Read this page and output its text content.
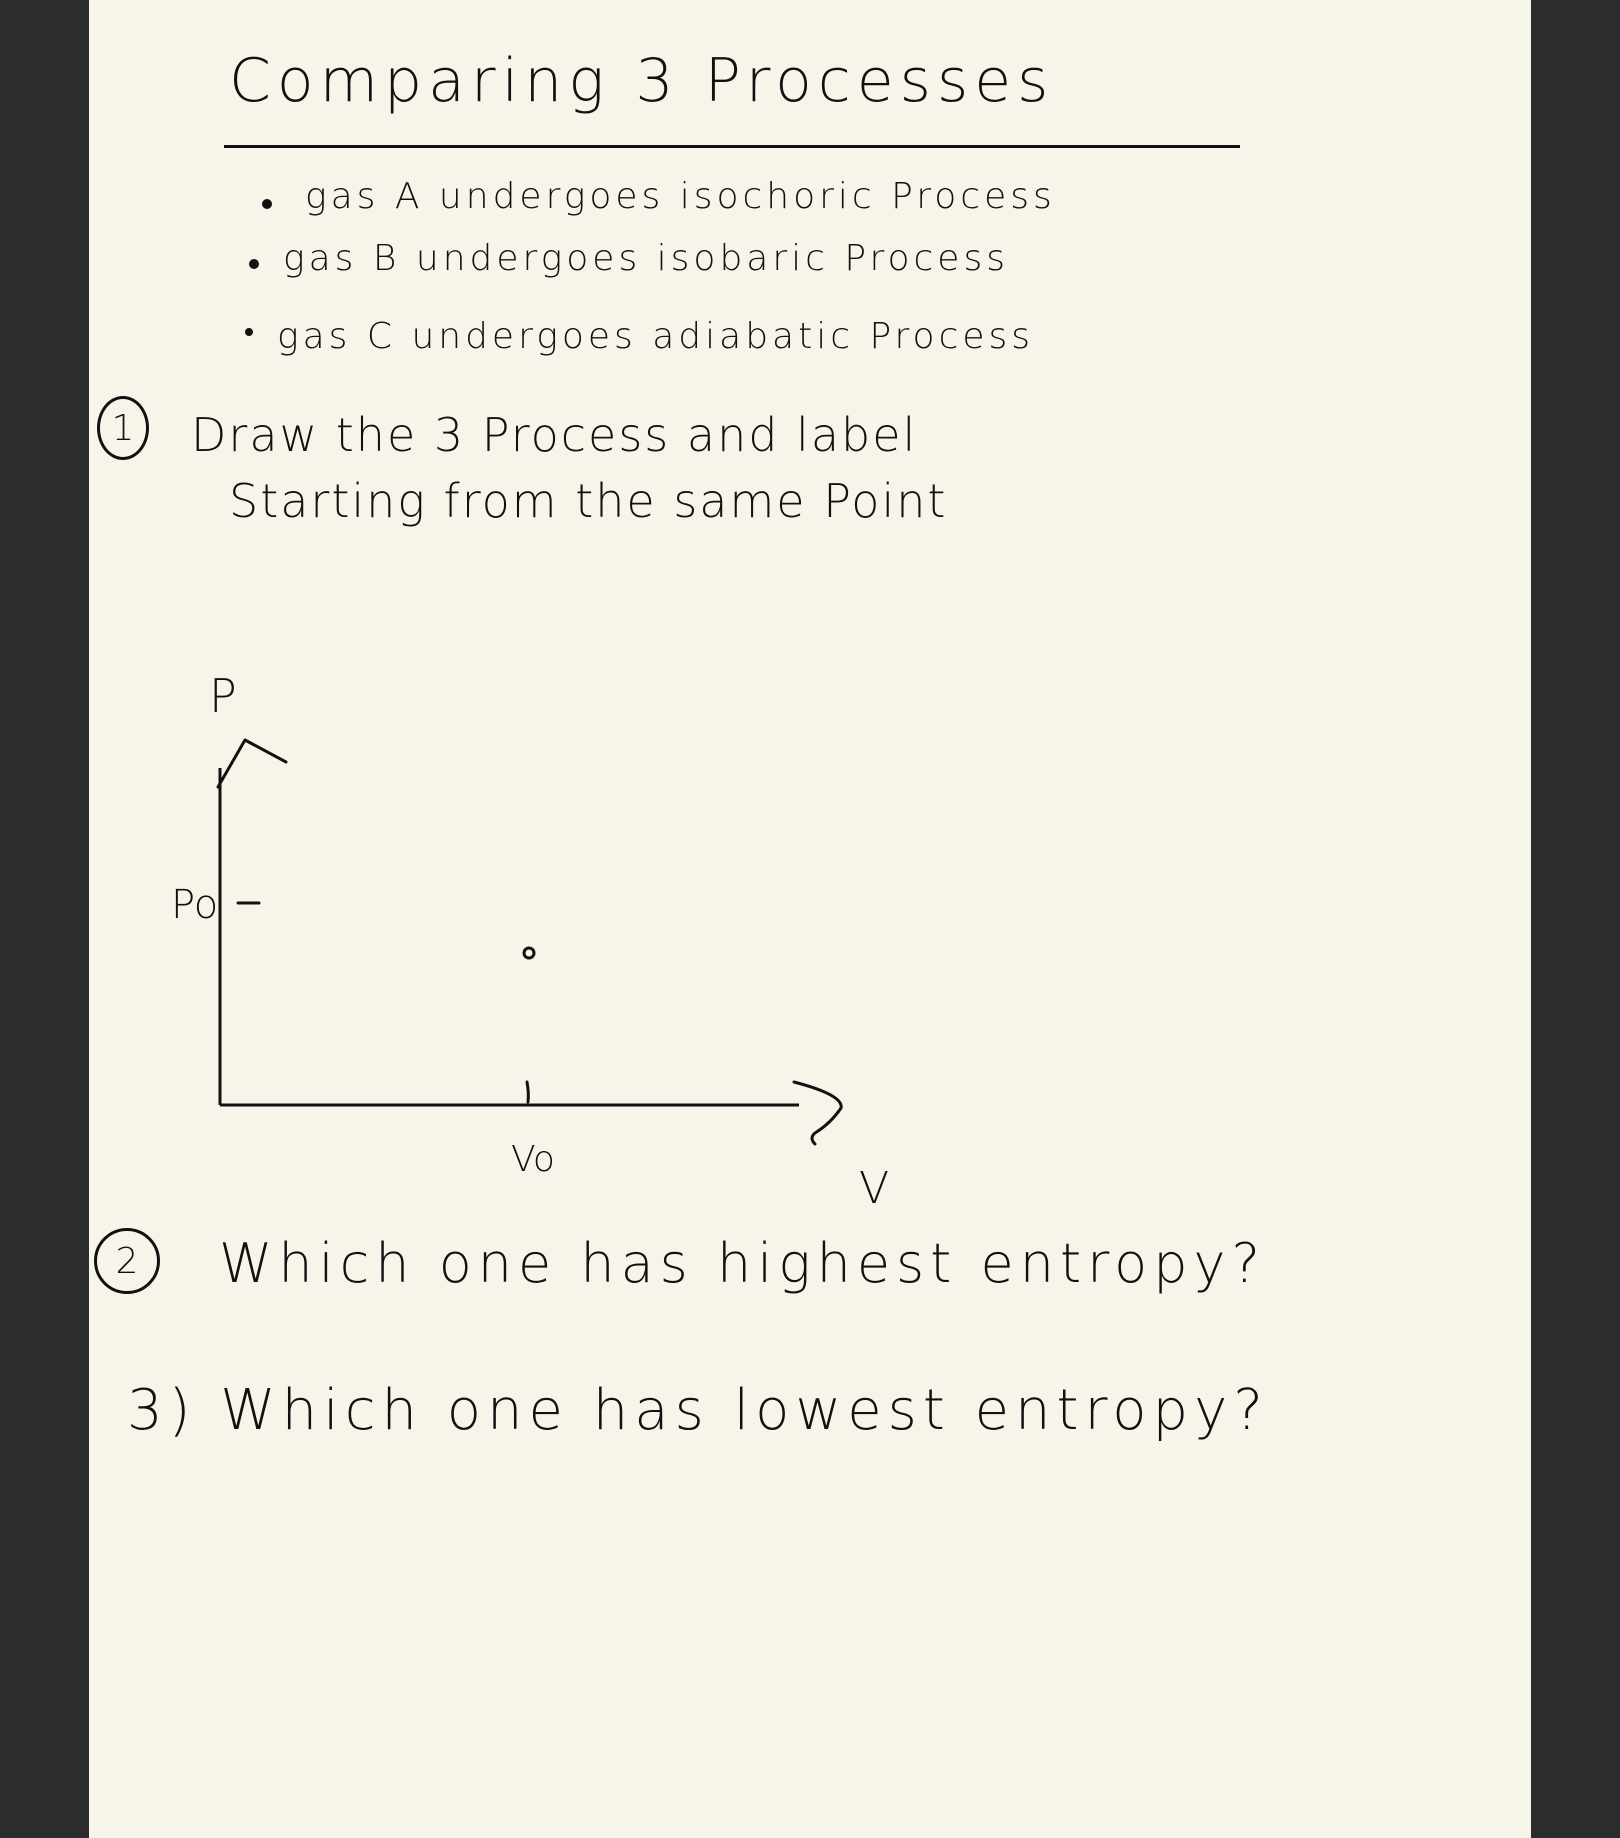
Comparing 3 Processes

gas A undergoes isochoric Process

gas B undergoes isobaric Process

gas C undergoes adiabatic Process

1	Draw the 3 Process and label

Starting from the same Point

P
Po
Vo
V
2	Which one has highest entropy?

3) Which one has lowest entropy?
